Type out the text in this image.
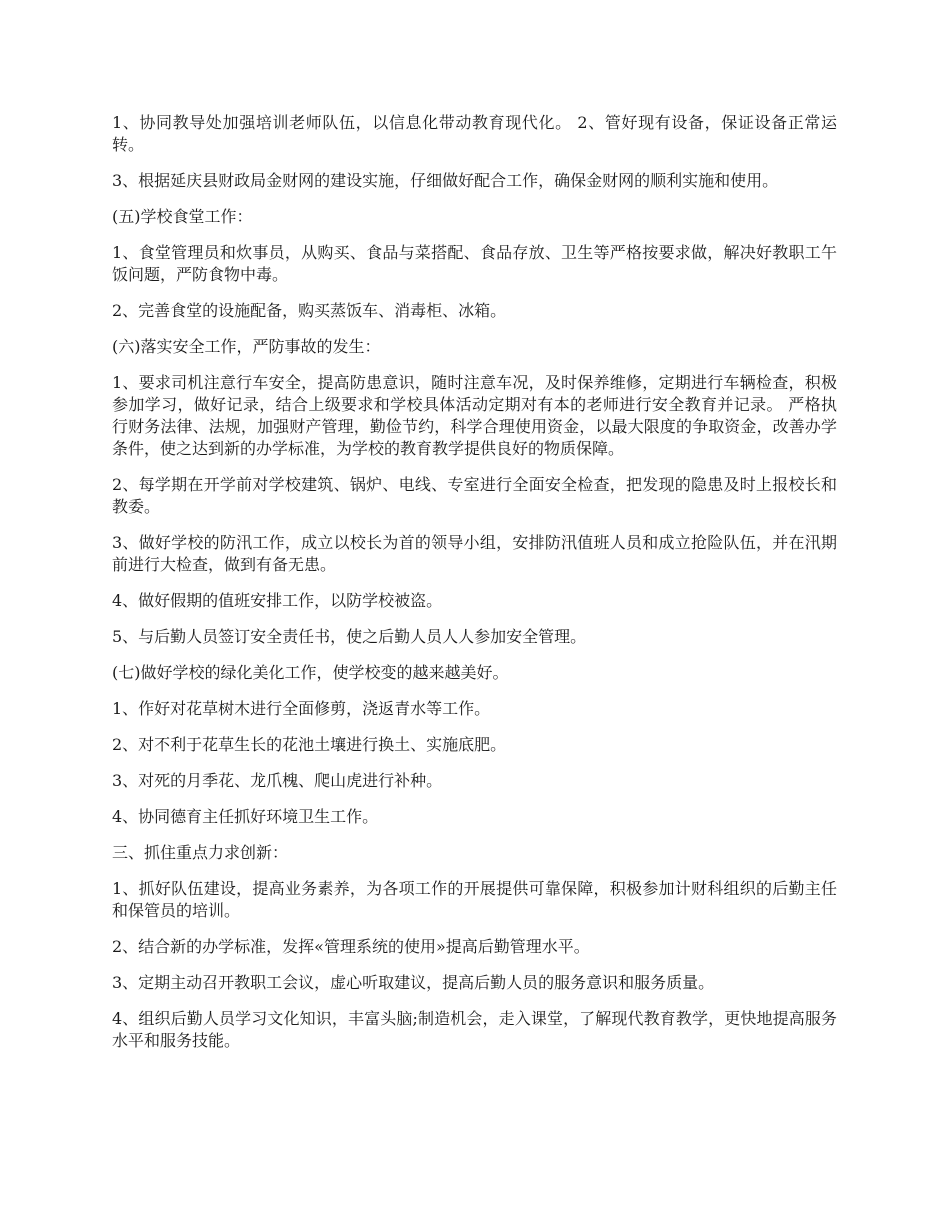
1、协同教导处加强培训老师队伍，以信息化带动教育现代化。 2、管好现有设备，保证设备正常运转。

3、根据延庆县财政局金财网的建设实施，仔细做好配合工作，确保金财网的顺利实施和使用。

(五)学校食堂工作：

1、食堂管理员和炊事员，从购买、食品与菜搭配、食品存放、卫生等严格按要求做，解决好教职工午饭问题，严防食物中毒。

2、完善食堂的设施配备，购买蒸饭车、消毒柜、冰箱。

(六)落实安全工作，严防事故的发生：

1、要求司机注意行车安全，提高防患意识，随时注意车况，及时保养维修，定期进行车辆检查，积极参加学习，做好记录，结合上级要求和学校具体活动定期对有本的老师进行安全教育并记录。 严格执行财务法律、法规，加强财产管理，勤俭节约，科学合理使用资金，以最大限度的争取资金，改善办学条件，使之达到新的办学标准，为学校的教育教学提供良好的物质保障。

2、每学期在开学前对学校建筑、锅炉、电线、专室进行全面安全检查，把发现的隐患及时上报校长和教委。

3、做好学校的防汛工作，成立以校长为首的领导小组，安排防汛值班人员和成立抢险队伍，并在汛期前进行大检查，做到有备无患。

4、做好假期的值班安排工作，以防学校被盗。

5、与后勤人员签订安全责任书，使之后勤人员人人参加安全管理。

(七)做好学校的绿化美化工作，使学校变的越来越美好。

1、作好对花草树木进行全面修剪，浇返青水等工作。

2、对不利于花草生长的花池土壤进行换土、实施底肥。

3、对死的月季花、龙爪槐、爬山虎进行补种。

4、协同德育主任抓好环境卫生工作。

三、抓住重点力求创新：

1、抓好队伍建设，提高业务素养，为各项工作的开展提供可靠保障，积极参加计财科组织的后勤主任和保管员的培训。

2、结合新的办学标准，发挥«管理系统的使用»提高后勤管理水平。

3、定期主动召开教职工会议，虚心听取建议，提高后勤人员的服务意识和服务质量。

4、组织后勤人员学习文化知识，丰富头脑;制造机会，走入课堂，了解现代教育教学，更快地提高服务水平和服务技能。
